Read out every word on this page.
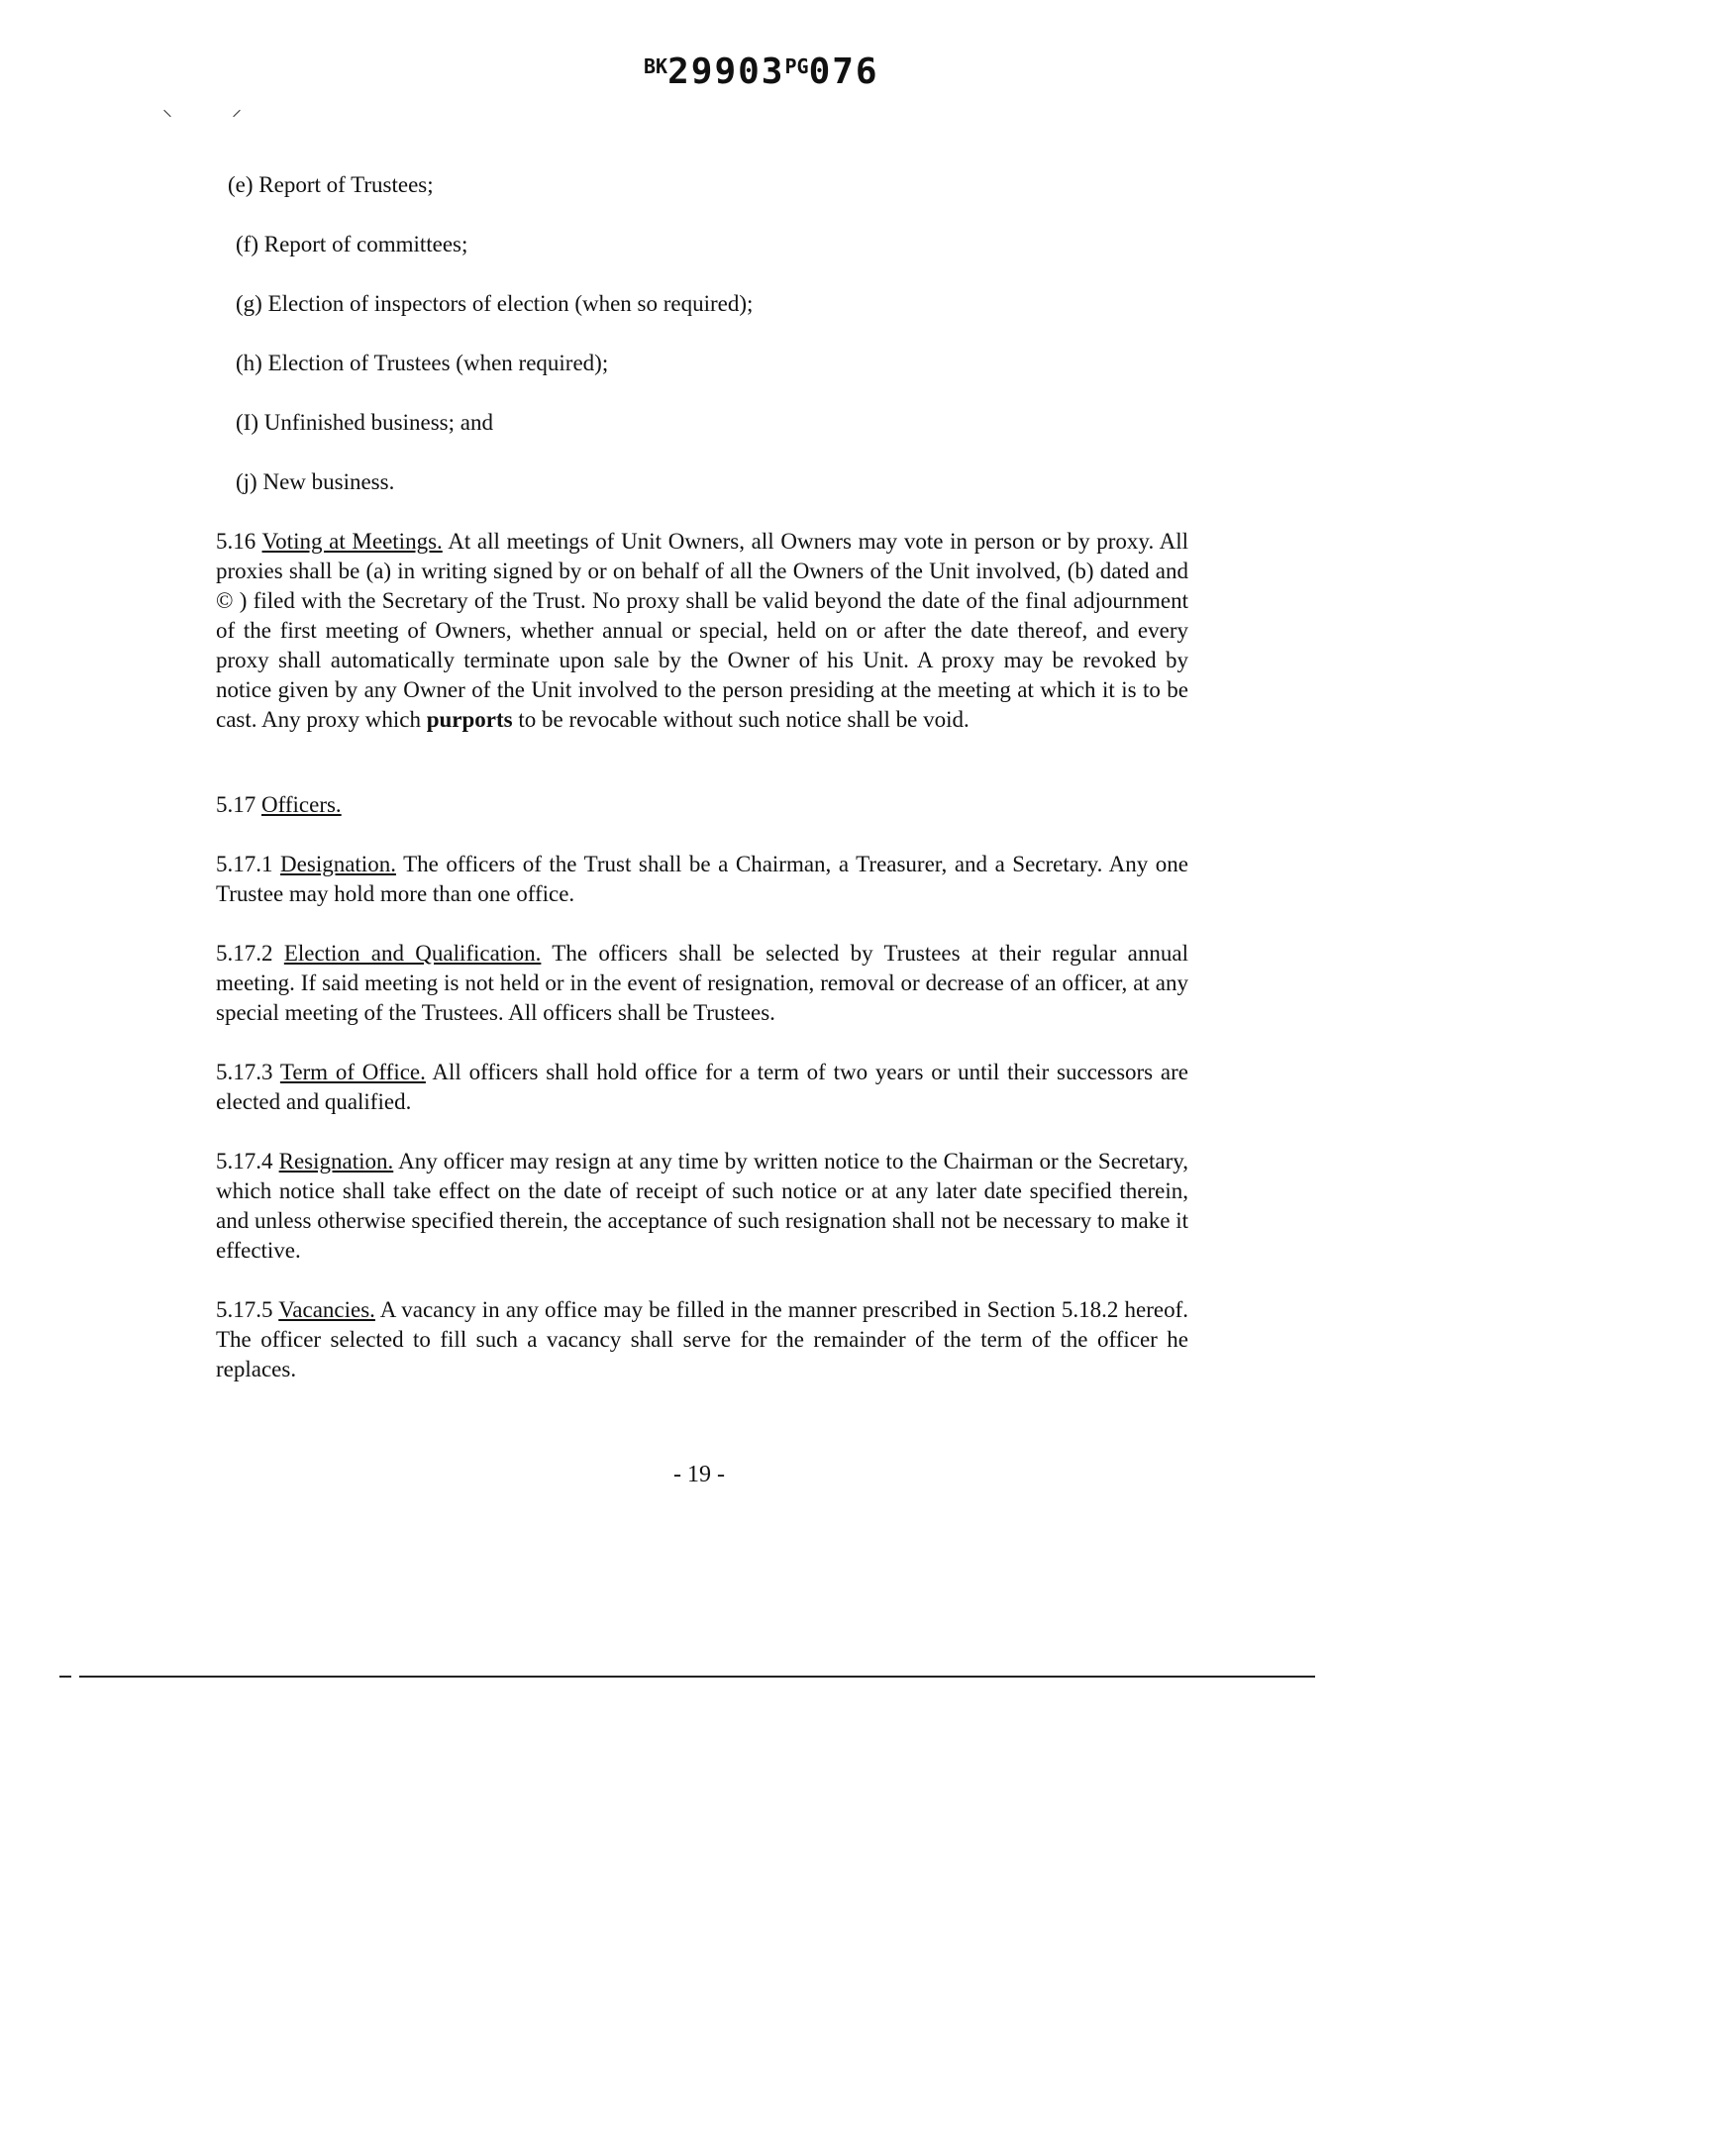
$^{BK}29903^{PG}076$
⸌	⸍
(e) Report of Trustees;
(f) Report of committees;
(g) Election of inspectors of election (when so required);
(h) Election of Trustees (when required);
(I) Unfinished business; and
(j) New business.
5.16 Voting at Meetings. At all meetings of Unit Owners, all Owners may vote in person or by proxy. All proxies shall be (a) in writing signed by or on behalf of all the Owners of the Unit involved, (b) dated and © ) filed with the Secretary of the Trust. No proxy shall be valid beyond the date of the final adjournment of the first meeting of Owners, whether annual or special, held on or after the date thereof, and every proxy shall automatically terminate upon sale by the Owner of his Unit. A proxy may be revoked by notice given by any Owner of the Unit involved to the person presiding at the meeting at which it is to be cast. Any proxy which purports to be revocable without such notice shall be void.
5.17 Officers.
5.17.1 Designation. The officers of the Trust shall be a Chairman, a Treasurer, and a Secretary. Any one Trustee may hold more than one office.
5.17.2 Election and Qualification. The officers shall be selected by Trustees at their regular annual meeting. If said meeting is not held or in the event of resignation, removal or decrease of an officer, at any special meeting of the Trustees. All officers shall be Trustees.
5.17.3 Term of Office. All officers shall hold office for a term of two years or until their successors are elected and qualified.
5.17.4 Resignation. Any officer may resign at any time by written notice to the Chairman or the Secretary, which notice shall take effect on the date of receipt of such notice or at any later date specified therein, and unless otherwise specified therein, the acceptance of such resignation shall not be necessary to make it effective.
5.17.5 Vacancies. A vacancy in any office may be filled in the manner prescribed in Section 5.18.2 hereof. The officer selected to fill such a vacancy shall serve for the remainder of the term of the officer he replaces.
- 19 -
